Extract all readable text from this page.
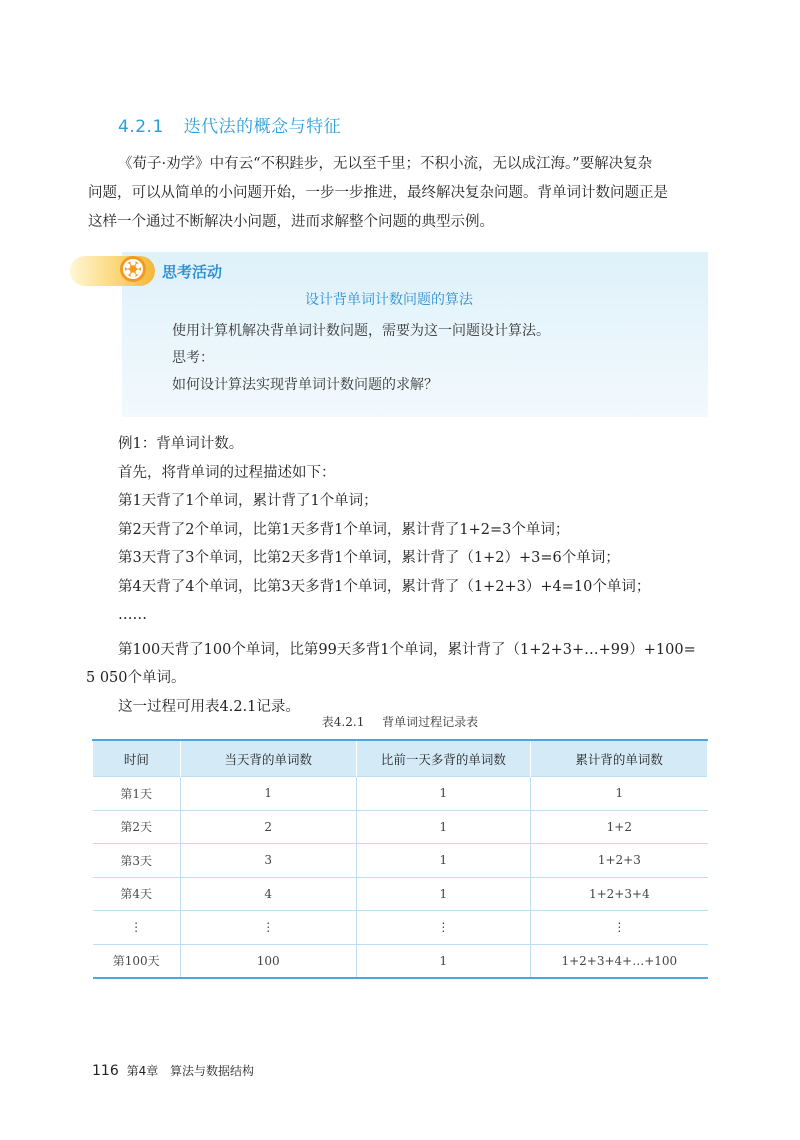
4.2.1 迭代法的概念与特征

《荀子·劝学》中有云“不积跬步，无以至千里；不积小流，无以成江海。”要解决复杂

问题，可以从简单的小问题开始，一步一步推进，最终解决复杂问题。背单词计数问题正是

这样一个通过不断解决小问题，进而求解整个问题的典型示例。

思考活动
设计背单词计数问题的算法
使用计算机解决背单词计数问题，需要为这一问题设计算法。
思考：
如何设计算法实现背单词计数问题的求解？
例1：背单词计数。
首先，将背单词的过程描述如下：
第1天背了1个单词，累计背了1个单词；
第2天背了2个单词，比第1天多背1个单词，累计背了1+2=3个单词；
第3天背了3个单词，比第2天多背1个单词，累计背了（1+2）+3=6个单词；
第4天背了4个单词，比第3天多背1个单词，累计背了（1+2+3）+4=10个单词；
……
第100天背了100个单词，比第99天多背1个单词，累计背了（1+2+3+…+99）+100=
5 050个单词。
这一过程可用表4.2.1记录。
表4.2.1 背单词过程记录表
时间	当天背的单词数	比前一天多背的单词数	累计背的单词数
第1天	1	1	1
第2天	2	1	1+2
第3天	3	1	1+2+3
第4天	4	1	1+2+3+4
⋮	⋮	⋮	⋮
第100天	100	1	1+2+3+4+…+100
116 第4章 算法与数据结构
